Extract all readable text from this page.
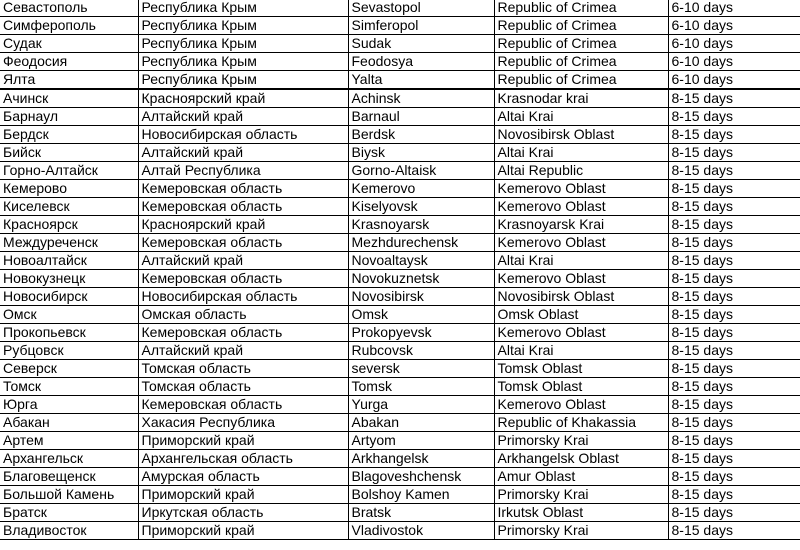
Севастополь	Республика Крым	Sevastopol	Republic of Crimea	6-10 days
Симферополь	Республика Крым	Simferopol	Republic of Crimea	6-10 days
Судак	Республика Крым	Sudak	Republic of Crimea	6-10 days
Феодосия	Республика Крым	Feodosya	Republic of Crimea	6-10 days
Ялта	Республика Крым	Yalta	Republic of Crimea	6-10 days
Ачинск	Красноярский край	Achinsk	Krasnodar krai	8-15 days
Барнаул	Алтайский край	Barnaul	Altai Krai	8-15 days
Бердск	Новосибирская область	Berdsk	Novosibirsk Oblast	8-15 days
Бийск	Алтайский край	Biysk	Altai Krai	8-15 days
Горно-Алтайск	Алтай Республика	Gorno-Altaisk	Altai Republic	8-15 days
Кемерово	Кемеровская область	Kemerovo	Kemerovo Oblast	8-15 days
Киселевск	Кемеровская область	Kiselyovsk	Kemerovo Oblast	8-15 days
Красноярск	Красноярский край	Krasnoyarsk	Krasnoyarsk Krai	8-15 days
Междуреченск	Кемеровская область	Mezhdurechensk	Kemerovo Oblast	8-15 days
Новоалтайск	Алтайский край	Novoaltaysk	Altai Krai	8-15 days
Новокузнецк	Кемеровская область	Novokuznetsk	Kemerovo Oblast	8-15 days
Новосибирск	Новосибирская область	Novosibirsk	Novosibirsk Oblast	8-15 days
Омск	Омская область	Omsk	Omsk Oblast	8-15 days
Прокопьевск	Кемеровская область	Prokopyevsk	Kemerovo Oblast	8-15 days
Рубцовск	Алтайский край	Rubcovsk	Altai Krai	8-15 days
Северск	Томская область	seversk	Tomsk Oblast	8-15 days
Томск	Томская область	Tomsk	Tomsk Oblast	8-15 days
Юрга	Кемеровская область	Yurga	Kemerovo Oblast	8-15 days
Абакан	Хакасия Республика	Abakan	Republic of Khakassia	8-15 days
Артем	Приморский край	Artyom	Primorsky Krai	8-15 days
Архангельск	Архангельская область	Arkhangelsk	Arkhangelsk Oblast	8-15 days
Благовещенск	Амурская область	Blagoveshchensk	Amur Oblast	8-15 days
Большой Камень	Приморский край	Bolshoy Kamen	Primorsky Krai	8-15 days
Братск	Иркутская область	Bratsk	Irkutsk Oblast	8-15 days
Владивосток	Приморский край	Vladivostok	Primorsky Krai	8-15 days
